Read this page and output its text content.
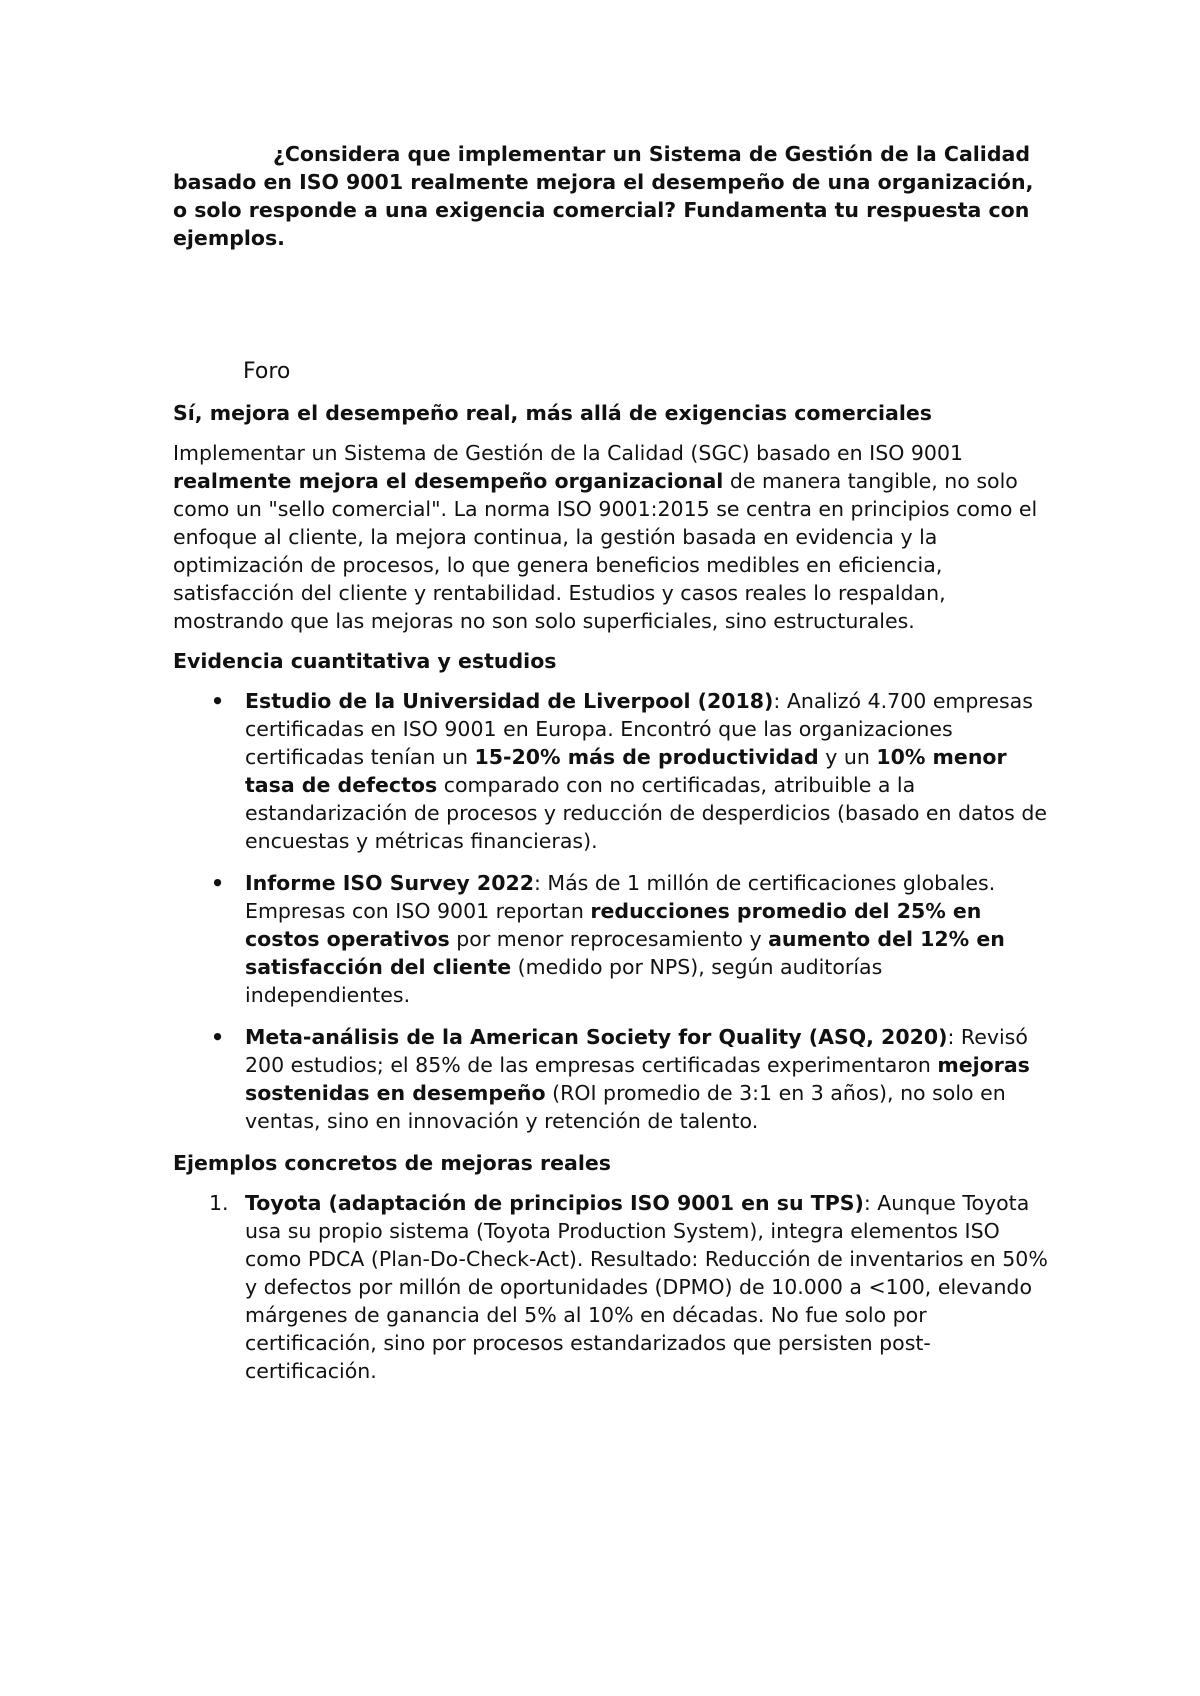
¿Considera que implementar un Sistema de Gestión de la Calidad basado en ISO 9001 realmente mejora el desempeño de una organización, o solo responde a una exigencia comercial? Fundamenta tu respuesta con ejemplos.

Foro
Sí, mejora el desempeño real, más allá de exigencias comerciales

Implementar un Sistema de Gestión de la Calidad (SGC) basado en ISO 9001 realmente mejora el desempeño organizacional de manera tangible, no solo como un "sello comercial". La norma ISO 9001:2015 se centra en principios como el enfoque al cliente, la mejora continua, la gestión basada en evidencia y la optimización de procesos, lo que genera beneficios medibles en eficiencia, satisfacción del cliente y rentabilidad. Estudios y casos reales lo respaldan, mostrando que las mejoras no son solo superficiales, sino estructurales.

Evidencia cuantitativa y estudios
• Estudio de la Universidad de Liverpool (2018): Analizó 4.700 empresas certificadas en ISO 9001 en Europa. Encontró que las organizaciones certificadas tenían un 15-20% más de productividad y un 10% menor tasa de defectos comparado con no certificadas, atribuible a la estandarización de procesos y reducción de desperdicios (basado en datos de encuestas y métricas financieras).
• Informe ISO Survey 2022: Más de 1 millón de certificaciones globales. Empresas con ISO 9001 reportan reducciones promedio del 25% en costos operativos por menor reprocesamiento y aumento del 12% en satisfacción del cliente (medido por NPS), según auditorías independientes.
• Meta-análisis de la American Society for Quality (ASQ, 2020): Revisó 200 estudios; el 85% de las empresas certificadas experimentaron mejoras sostenidas en desempeño (ROI promedio de 3:1 en 3 años), no solo en ventas, sino en innovación y retención de talento.
Ejemplos concretos de mejoras reales
1. Toyota (adaptación de principios ISO 9001 en su TPS): Aunque Toyota usa su propio sistema (Toyota Production System), integra elementos ISO como PDCA (Plan-Do-Check-Act). Resultado: Reducción de inventarios en 50% y defectos por millón de oportunidades (DPMO) de 10.000 a <100, elevando márgenes de ganancia del 5% al 10% en décadas. No fue solo por certificación, sino por procesos estandarizados que persisten post-certificación.
